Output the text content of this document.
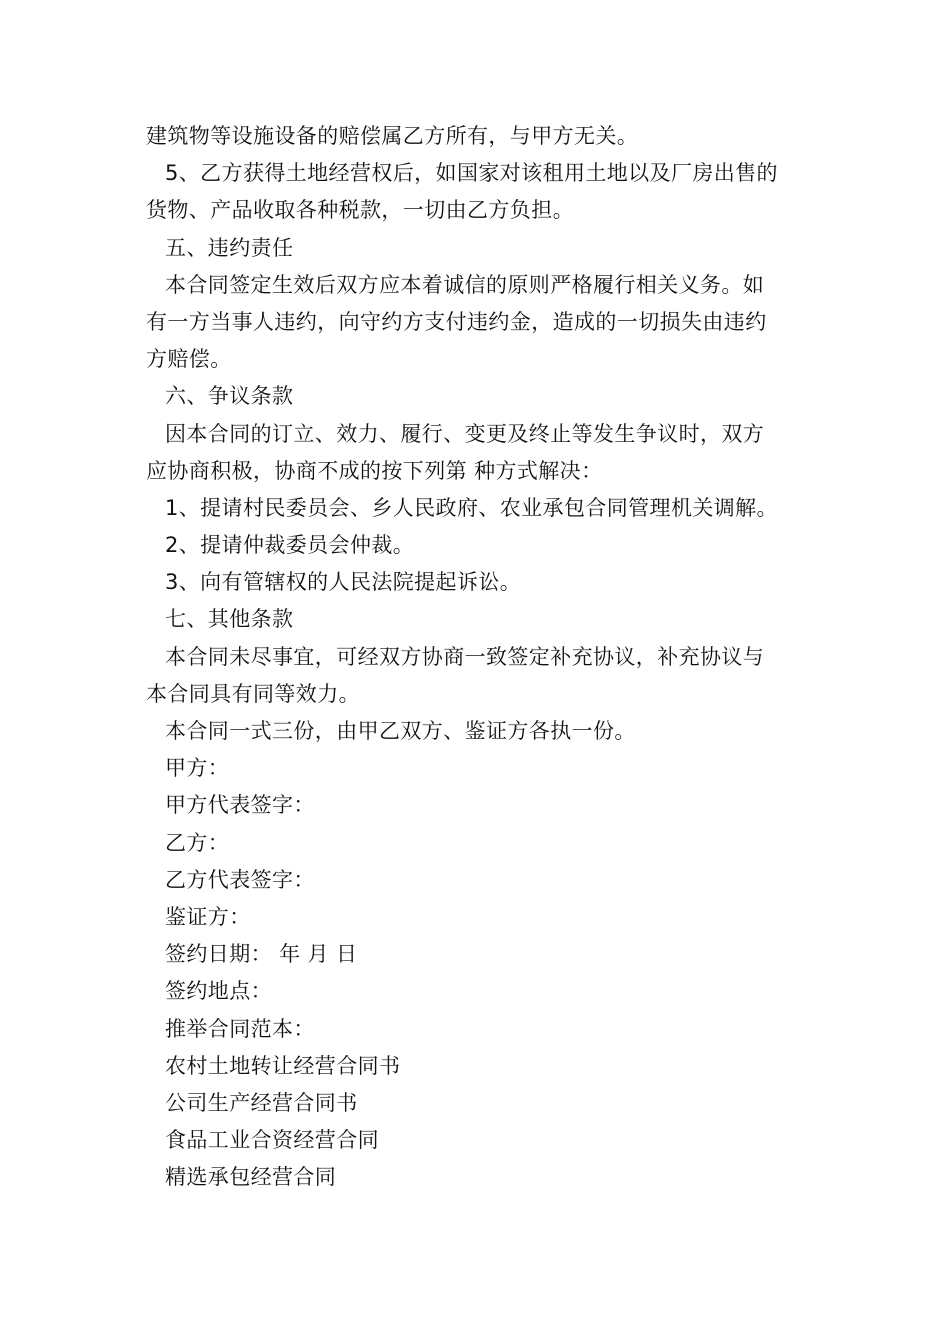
建筑物等设施设备的赔偿属乙方所有，与甲方无关。
5、乙方获得土地经营权后，如国家对该租用土地以及厂房出售的
货物、产品收取各种税款，一切由乙方负担。
五、违约责任
本合同签定生效后双方应本着诚信的原则严格履行相关义务。如
有一方当事人违约，向守约方支付违约金，造成的一切损失由违约
方赔偿。
六、争议条款
因本合同的订立、效力、履行、变更及终止等发生争议时，双方
应协商积极，协商不成的按下列第 种方式解决：
1、提请村民委员会、乡人民政府、农业承包合同管理机关调解。
2、提请仲裁委员会仲裁。
3、向有管辖权的人民法院提起诉讼。
七、其他条款
本合同未尽事宜，可经双方协商一致签定补充协议，补充协议与
本合同具有同等效力。
本合同一式三份，由甲乙双方、鉴证方各执一份。
甲方：
甲方代表签字：
乙方：
乙方代表签字：
鉴证方：
签约日期： 年 月 日
签约地点：
推举合同范本：
农村土地转让经营合同书
公司生产经营合同书
食品工业合资经营合同
精选承包经营合同
